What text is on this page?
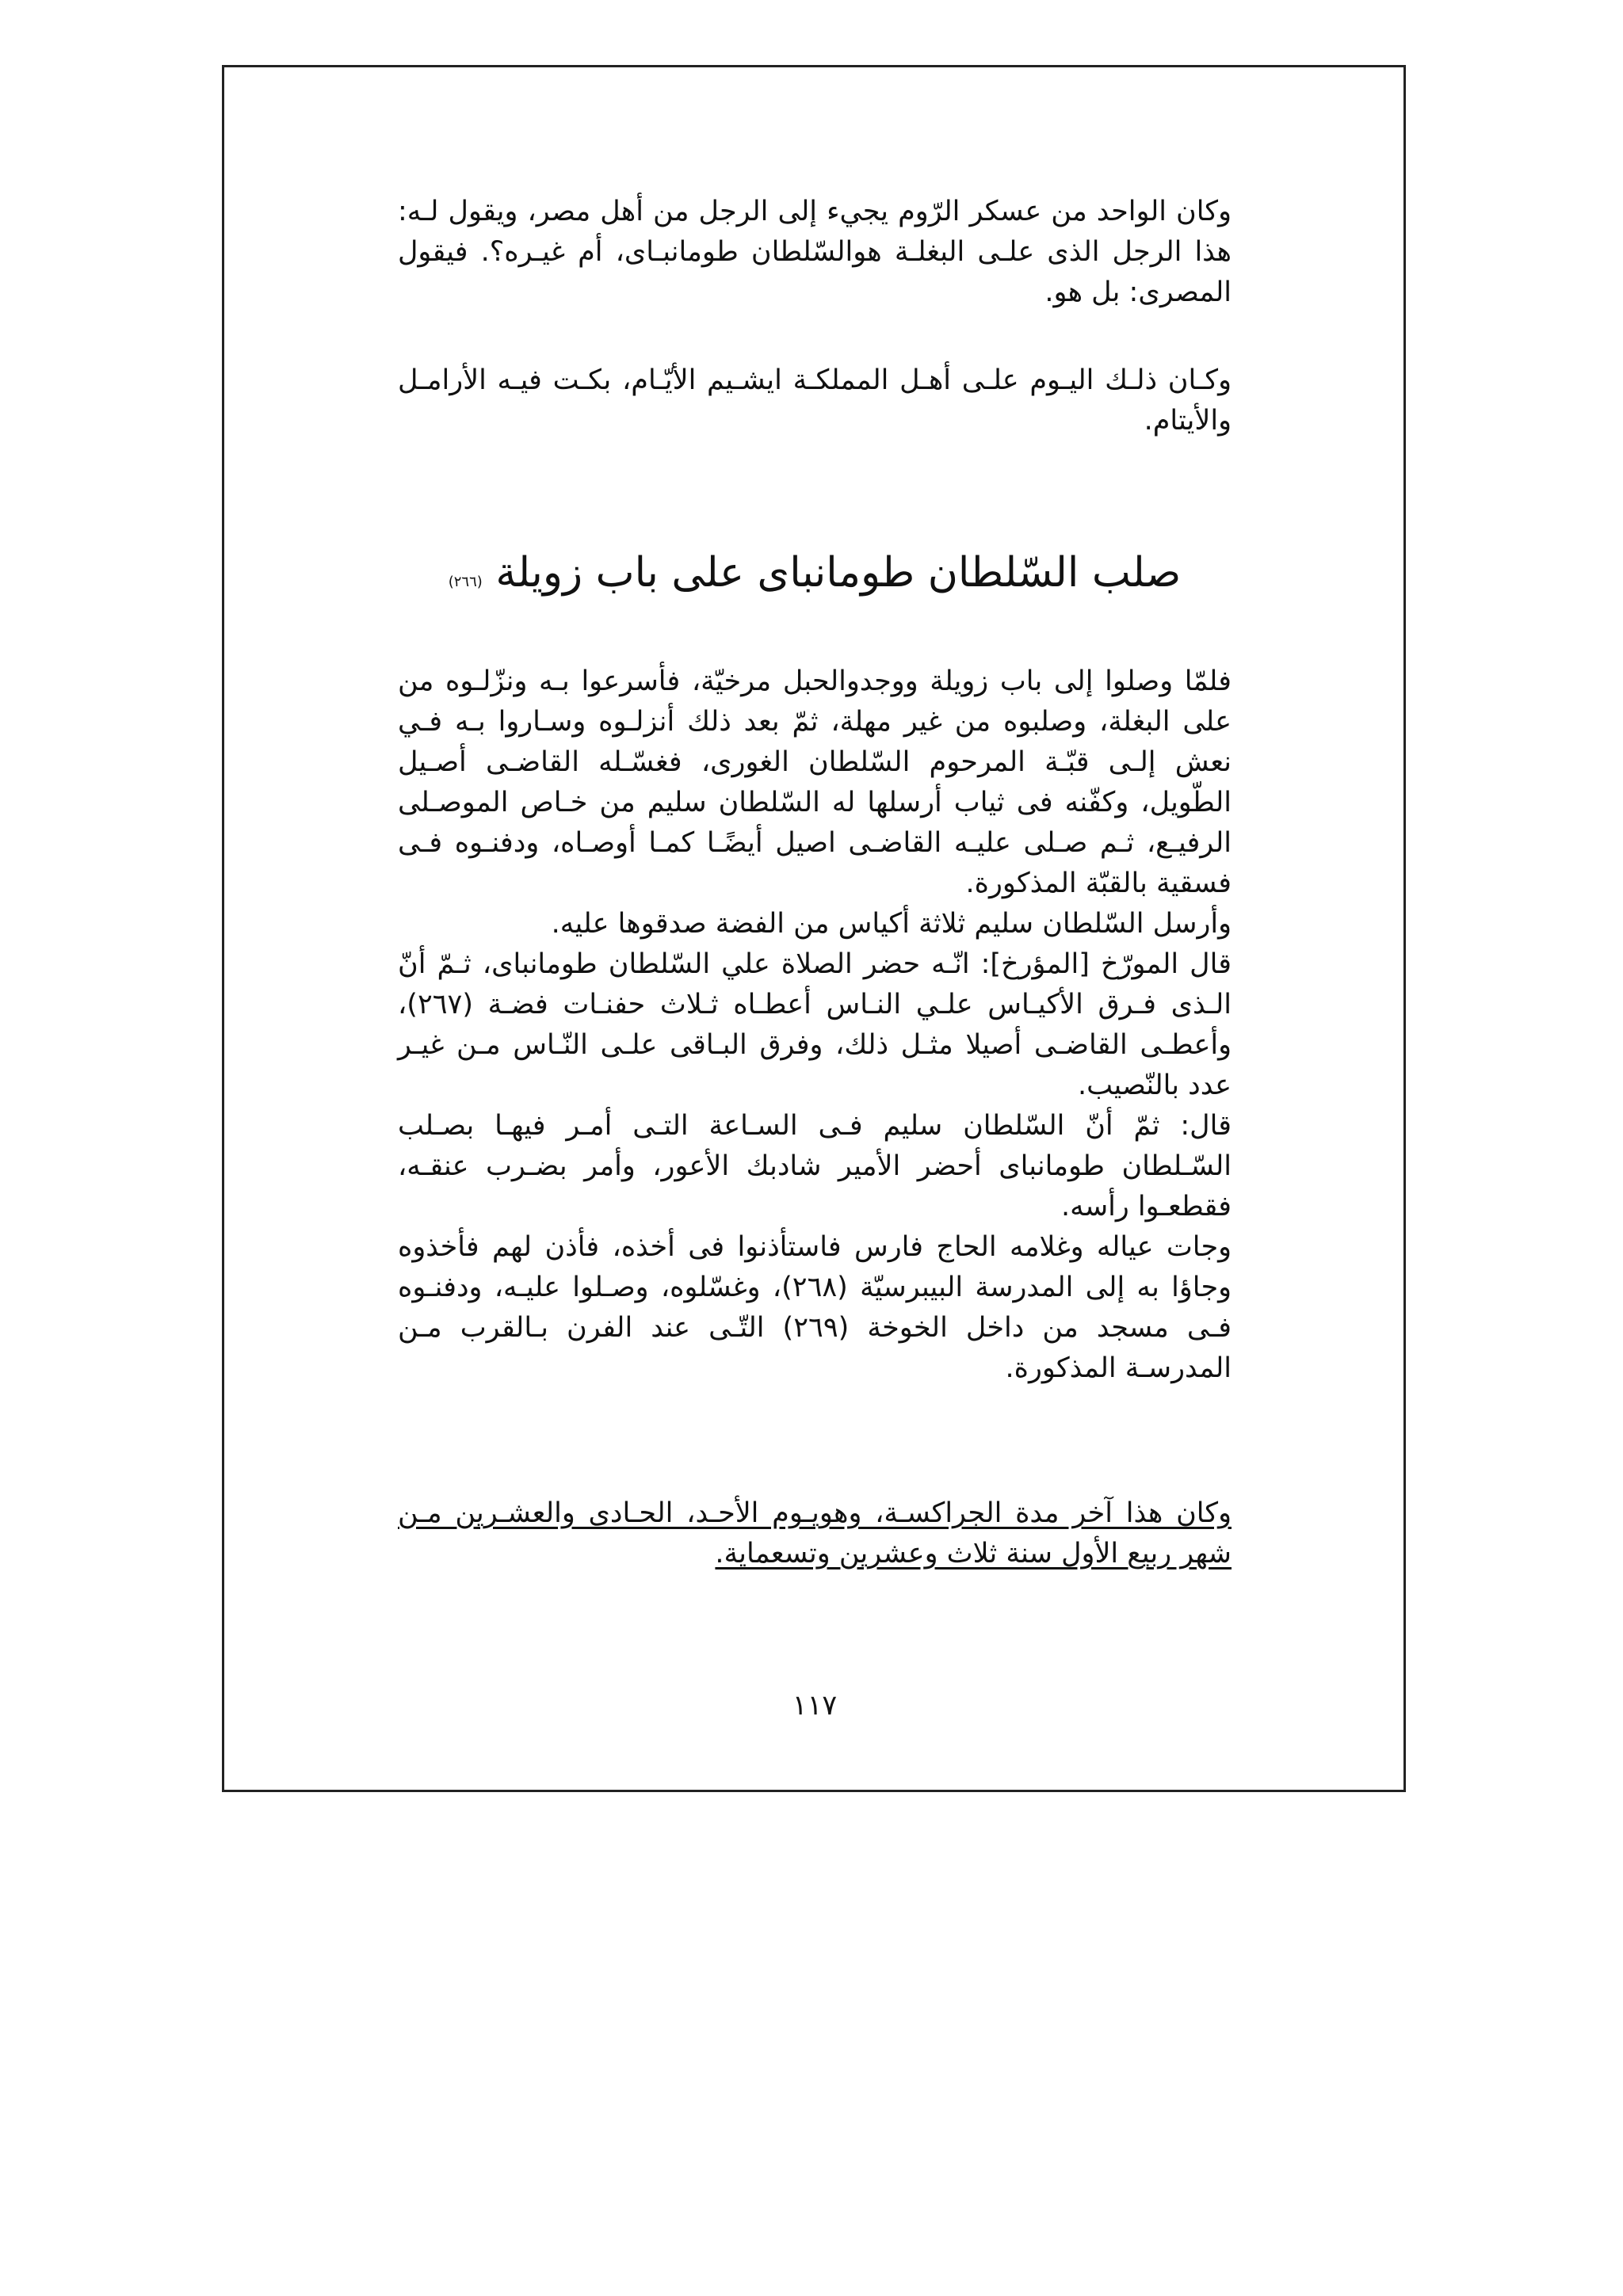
وكان الواحد من عسكر الرّوم يجيء إلى الرجل من أهل مصر، ويقول لـه: هذا الرجل الذى علـى البغلـة هوالسّلطان طومانبـاى، أم غيـره؟. فيقول المصرى: بل هو.

وكـان ذلـك اليـوم علـى أهـل المملكـة ايشـيم الأيّـام، بكـت فيـه الأرامـل والأيتام.

صلب السّلطان طومانباى على باب زويلة (٢٦٦)

فلمّا وصلوا إلى باب زويلة ووجدوالحبل مرخيّة، فأسرعوا بـه ونزّلـوه من على البغلة، وصلبوه من غير مهلة، ثمّ بعد ذلك أنزلـوه وسـاروا بـه فـي نعش إلـى قبّـة المرحوم السّلطان الغورى، فغسّـله القاضـى أصـيل الطّويل، وكفّنه فى ثياب أرسلها له السّلطان سليم من خـاص الموصـلى الرفيـع، ثـم صـلى عليـه القاضـى اصيل أيضًـا كمـا أوصـاه، ودفنـوه فـى فسقية بالقبّة المذكورة.

وأرسل السّلطان سليم ثلاثة أكياس من الفضة صدقوها عليه.

قال المورّخ [المؤرخ]: انّـه حضر الصلاة علي السّلطان طومانباى، ثـمّ أنّ الـذى فـرق الأكيـاس علـي النـاس أعطـاه ثـلاث حفنـات فضـة (٢٦٧)، وأعطـى القاضـى أصيلا مثـل ذلك، وفرق البـاقى علـى النّـاس مـن غيـر عدد بالنّصيب.

قال: ثمّ أنّ السّلطان سليم فـى السـاعة التـى أمـر فيهـا بصـلب السّـلطان طومانباى أحضر الأمير شادبك الأعور، وأمر بضـرب عنقـه، فقطعـوا رأسه.

وجات عياله وغلامه الحاج فارس فاستأذنوا فى أخذه، فأذن لهم فأخذوه وجاؤا به إلى المدرسة البيبرسيّة (٢٦٨)، وغسّلوه، وصـلوا عليـه، ودفنـوه فـى مسجد من داخل الخوخة (٢٦٩) التّـى عند الفرن بـالقرب مـن المدرسـة المذكورة.

وكان هذا آخر مدة الجراكسـة، وهويـوم الأحـد، الحـادى والعشـرين مـن شهر ربيع الأول سنة ثلاث وعشرين وتسعماية.

١١٧
